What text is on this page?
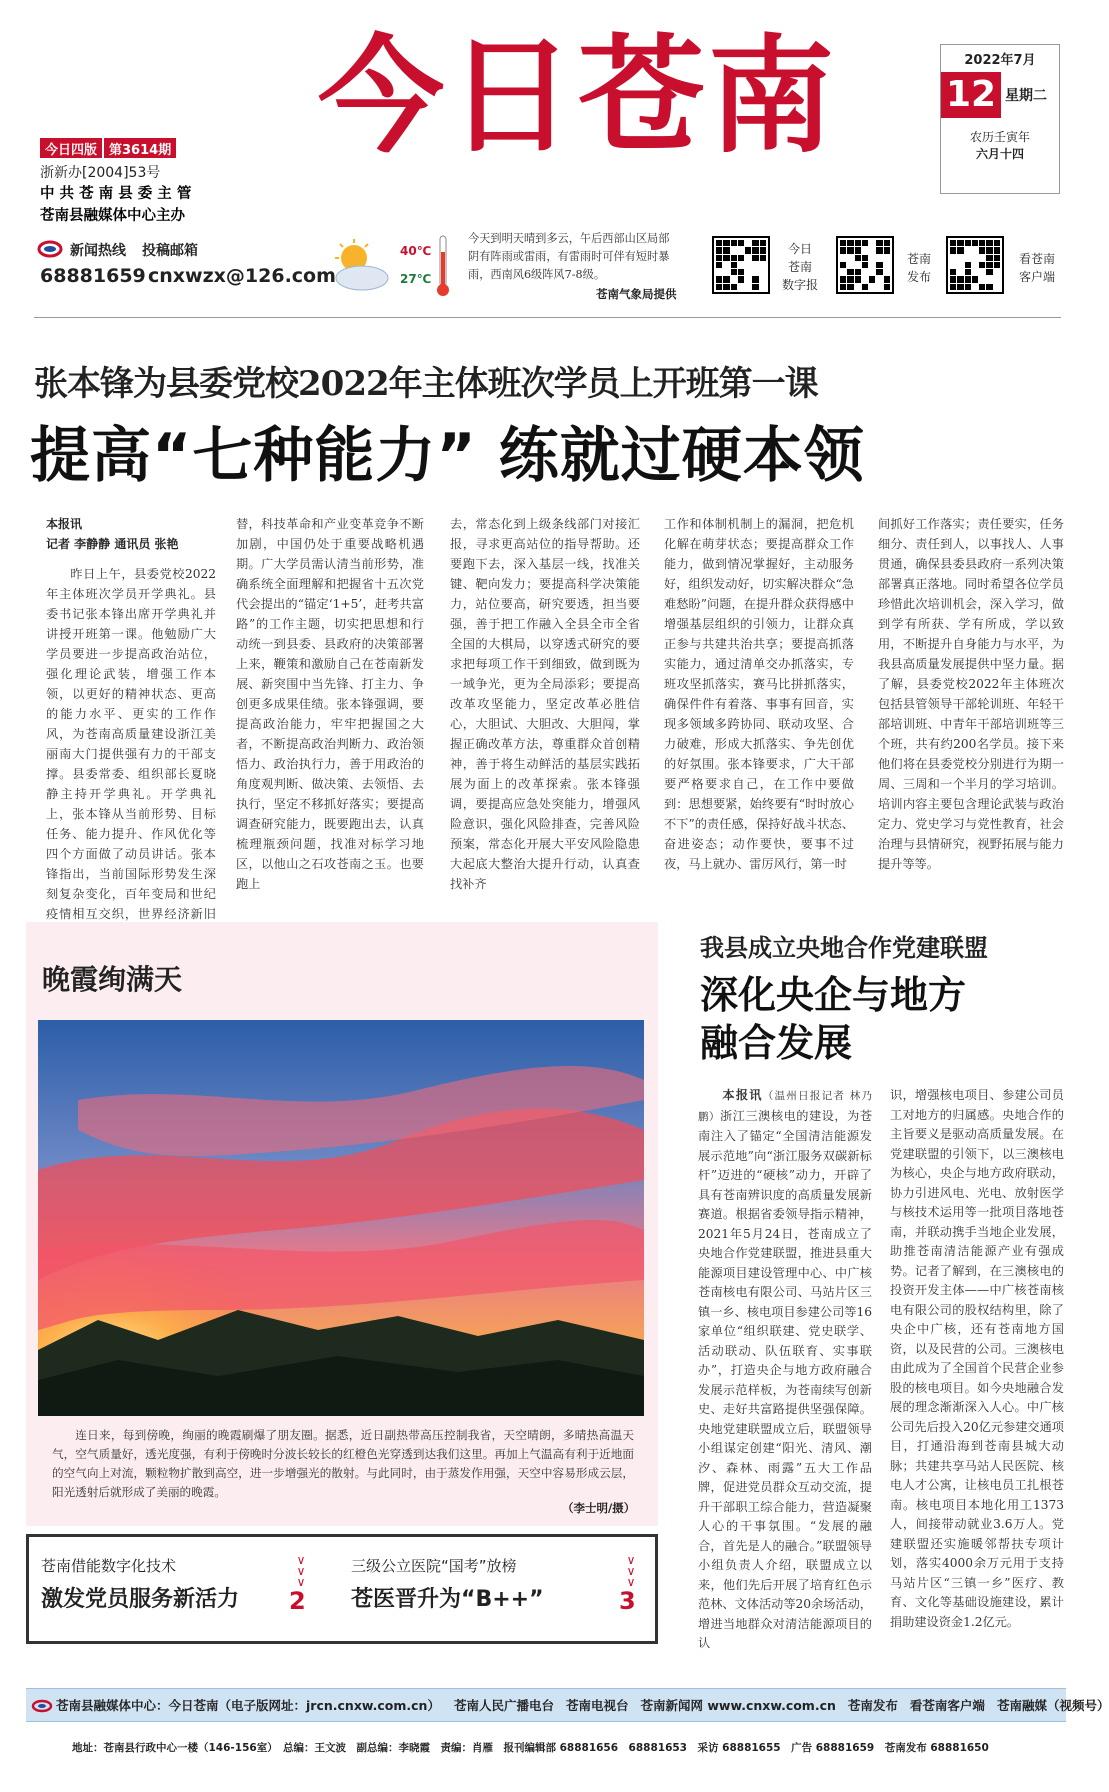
今日四版 第3614期
浙新办[2004]53号
中 共 苍 南 县 委 主 管
苍南县融媒体中心主办
今日苍南	2022年7月
12 星期二
农历壬寅年
六月十四
新闻热线 投稿邮箱
68881659 cnxwzx@126.com
40℃
27℃
今天到明天晴到多云，午后西部山区局部阴有阵雨或雷雨，有雷雨时可伴有短时暴雨，西南风6级阵风7-8级。
苍南气象局提供
今日
苍南
数字报
苍南
发布
看苍南
客户端
张本锋为县委党校2022年主体班次学员上开班第一课
提高“七种能力” 练就过硬本领
本报讯
记者 李静静 通讯员 张艳

昨日上午，县委党校2022年主体班次学员开学典礼。县委书记张本锋出席开学典礼并讲授开班第一课。他勉励广大学员要进一步提高政治站位，强化理论武装，增强工作本领，以更好的精神状态、更高的能力水平、更实的工作作风，为苍南高质量建设浙江美丽南大门提供强有力的干部支撑。县委常委、组织部长夏晓静主持开学典礼。开学典礼上，张本锋从当前形势、目标任务、能力提升、作风优化等四个方面做了动员讲话。张本锋指出，当前国际形势发生深刻复杂变化，百年变局和世纪疫情相互交织，世界经济新旧

替，科技革命和产业变革竞争不断加剧，中国仍处于重要战略机遇期。广大学员需认清当前形势，准确系统全面理解和把握省十五次党代会提出的“锚定‘1+5’，赶考共富路”的工作主题，切实把思想和行动统一到县委、县政府的决策部署上来，鞭策和激励自己在苍南新发展、新突围中当先锋、打主力、争创更多成果佳绩。张本锋强调，要提高政治能力，牢牢把握国之大者，不断提高政治判断力、政治领悟力、政治执行力，善于用政治的角度观判断、做决策、去领悟、去执行，坚定不移抓好落实；要提高调查研究能力，既要跑出去，认真梳理瓶颈问题，找准对标学习地区，以他山之石攻苍南之玉。也要跑上

去，常态化到上级条线部门对接汇报，寻求更高站位的指导帮助。还要跑下去，深入基层一线，找准关键、靶向发力；要提高科学决策能力，站位要高，研究要透，担当要强，善于把工作融入全县全市全省全国的大棋局，以穿透式研究的要求把每项工作干到细致，做到既为一域争光，更为全局添彩；要提高改革攻坚能力，坚定改革必胜信心，大胆试、大胆改、大胆闯，掌握正确改革方法，尊重群众首创精神，善于将生动鲜活的基层实践拓展为面上的改革探索。张本锋强调，要提高应急处突能力，增强风险意识，强化风险排查，完善风险预案，常态化开展大平安风险隐患大起底大整治大提升行动，认真查找补齐

工作和体制机制上的漏洞，把危机化解在萌芽状态；要提高群众工作能力，做到情况掌握好，主动服务好，组织发动好，切实解决群众“急难愁盼”问题，在提升群众获得感中增强基层组织的引领力，让群众真正参与共建共治共享；要提高抓落实能力，通过清单交办抓落实，专班攻坚抓落实，赛马比拼抓落实，确保件件有着落、事事有回音，实现多领域多跨协同、联动攻坚、合力破难，形成大抓落实、争先创优的好氛围。张本锋要求，广大干部要严格要求自己，在工作中要做到：思想要紧，始终要有“时时放心不下”的责任感，保持好战斗状态、奋进姿态；动作要快，要事不过夜，马上就办、雷厉风行，第一时

间抓好工作落实；责任要实，任务细分、责任到人，以事找人、人事贯通，确保县委县政府一系列决策部署真正落地。同时希望各位学员珍惜此次培训机会，深入学习，做到学有所获、学有所成，学以致用，不断提升自身能力与水平，为我县高质量发展提供中坚力量。据了解，县委党校2022年主体班次包括县管领导干部轮训班、年轻干部培训班、中青年干部培训班等三个班，共有约200名学员。接下来他们将在县委党校分别进行为期一周、三周和一个半月的学习培训。培训内容主要包含理论武装与政治定力、党史学习与党性教育，社会治理与县情研究，视野拓展与能力提升等等。

晚霞绚满天
连日来，每到傍晚，绚丽的晚霞刷爆了朋友圈。据悉，近日副热带高压控制我省，天空晴朗，多晴热高温天气，空气质量好，透光度强，有利于傍晚时分波长较长的红橙色光穿透到达我们这里。再加上气温高有利于近地面的空气向上对流，颗粒物扩散到高空，进一步增强光的散射。与此同时，由于蒸发作用强，天空中容易形成云层，阳光透射后就形成了美丽的晚霞。
（李士明/摄）
苍南借能数字化技术
激发党员服务新活力
∨
∨
∨
2
三级公立医院“国考”放榜
苍医晋升为“B++”
∨
∨
∨
3
我县成立央地合作党建联盟
深化央企与地方
融合发展

本报讯（温州日报记者 林乃鹏）浙江三澳核电的建设，为苍南注入了锚定“全国清洁能源发展示范地”向“浙江服务双碳新标杆”迈进的“硬核”动力，开辟了具有苍南辨识度的高质量发展新赛道。根据省委领导指示精神，2021年5月24日，苍南成立了央地合作党建联盟，推进县重大能源项目建设管理中心、中广核苍南核电有限公司、马站片区三镇一乡、核电项目参建公司等16家单位“组织联建、党史联学、活动联动、队伍联育、实事联办”，打造央企与地方政府融合发展示范样板，为苍南续写创新史、走好共富路提供坚强保障。央地党建联盟成立后，联盟领导小组谋定创建“阳光、清风、潮汐、森林、雨露”五大工作品牌，促进党员群众互动交流，提升干部职工综合能力，营造凝聚人心的干事氛围。“发展的融合，首先是人的融合。”联盟领导小组负责人介绍，联盟成立以来，他们先后开展了培育红色示范林、文体活动等20余场活动，增进当地群众对清洁能源项目的认

识，增强核电项目、参建公司员工对地方的归属感。央地合作的主旨要义是驱动高质量发展。在党建联盟的引领下，以三澳核电为核心，央企与地方政府联动，协力引进风电、光电、放射医学与核技术运用等一批项目落地苍南，并联动携手当地企业发展，助推苍南清洁能源产业有强成势。记者了解到，在三澳核电的投资开发主体——中广核苍南核电有限公司的股权结构里，除了央企中广核，还有苍南地方国资，以及民营的公司。三澳核电由此成为了全国首个民营企业参股的核电项目。如今央地融合发展的理念渐渐深入人心。中广核公司先后投入20亿元参建交通项目，打通沿海到苍南县城大动脉；共建共享马站人民医院、核电人才公寓，让核电员工扎根苍南。核电项目本地化用工1373人，间接带动就业3.6万人。党建联盟还实施暖邻帮扶专项计划，落实4000余万元用于支持马站片区“三镇一乡”医疗、教育、文化等基础设施建设，累计捐助建设资金1.2亿元。

苍南县融媒体中心：今日苍南（电子版网址：jrcn.cnxw.com.cn） 苍南人民广播电台 苍南电视台 苍南新闻网 www.cnxw.com.cn 苍南发布 看苍南客户端 苍南融媒（视频号）
地址：苍南县行政中心一楼（146-156室）　总编：王文波　副总编：李晓霞　责编：肖雁　报刊编辑部 68881656　68881653　采访 68881655　广告 68881659　苍南发布 68881650
